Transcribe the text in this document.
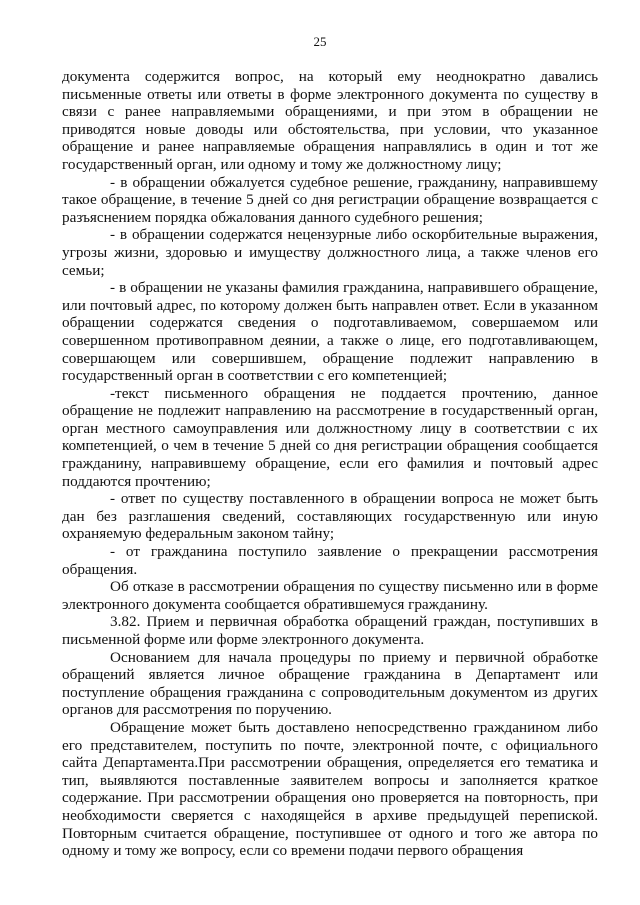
25

документа содержится вопрос, на который ему неоднократно давались письменные ответы или ответы в форме электронного документа по существу в связи с ранее направляемыми обращениями, и при этом в обращении не приводятся новые доводы или обстоятельства, при условии, что указанное обращение и ранее направляемые обращения направлялись в один и тот же государственный орган, или одному и тому же должностному лицу;

- в обращении обжалуется судебное решение, гражданину, направившему такое обращение, в течение 5 дней со дня регистрации обращение возвращается с разъяснением порядка обжалования данного судебного решения;

- в обращении содержатся нецензурные либо оскорбительные выражения, угрозы жизни, здоровью и имуществу должностного лица, а также членов его семьи;

- в обращении не указаны фамилия гражданина, направившего обращение, или почтовый адрес, по которому должен быть направлен ответ. Если в указанном обращении содержатся сведения о подготавливаемом, совершаемом или совершенном противоправном деянии, а также о лице, его подготавливающем, совершающем или совершившем, обращение подлежит направлению в государственный орган в соответствии с его компетенцией;

-текст письменного обращения не поддается прочтению, данное обращение не подлежит направлению на рассмотрение в государственный орган, орган местного самоуправления или должностному лицу в соответствии с их компетенцией, о чем в течение 5 дней со дня регистрации обращения сообщается гражданину, направившему обращение, если его фамилия и почтовый адрес поддаются прочтению;

- ответ по существу поставленного в обращении вопроса не может быть дан без разглашения сведений, составляющих государственную или иную охраняемую федеральным законом тайну;

- от гражданина поступило заявление о прекращении рассмотрения обращения.

Об отказе в рассмотрении обращения по существу письменно или в форме электронного документа сообщается обратившемуся гражданину.

3.82. Прием и первичная обработка обращений граждан, поступивших в письменной форме или форме электронного документа.

Основанием для начала процедуры по приему и первичной обработке обращений является личное обращение гражданина в Департамент или поступление обращения гражданина с сопроводительным документом из других органов для рассмотрения по поручению.

Обращение может быть доставлено непосредственно гражданином либо его представителем, поступить по почте, электронной почте, с официального сайта Департамента.При рассмотрении обращения, определяется его тематика и тип, выявляются поставленные заявителем вопросы и заполняется краткое содержание. При рассмотрении обращения оно проверяется на повторность, при необходимости сверяется с находящейся в архиве предыдущей перепиской. Повторным считается обращение, поступившее от одного и того же автора по одному и тому же вопросу, если со времени подачи первого обращения
